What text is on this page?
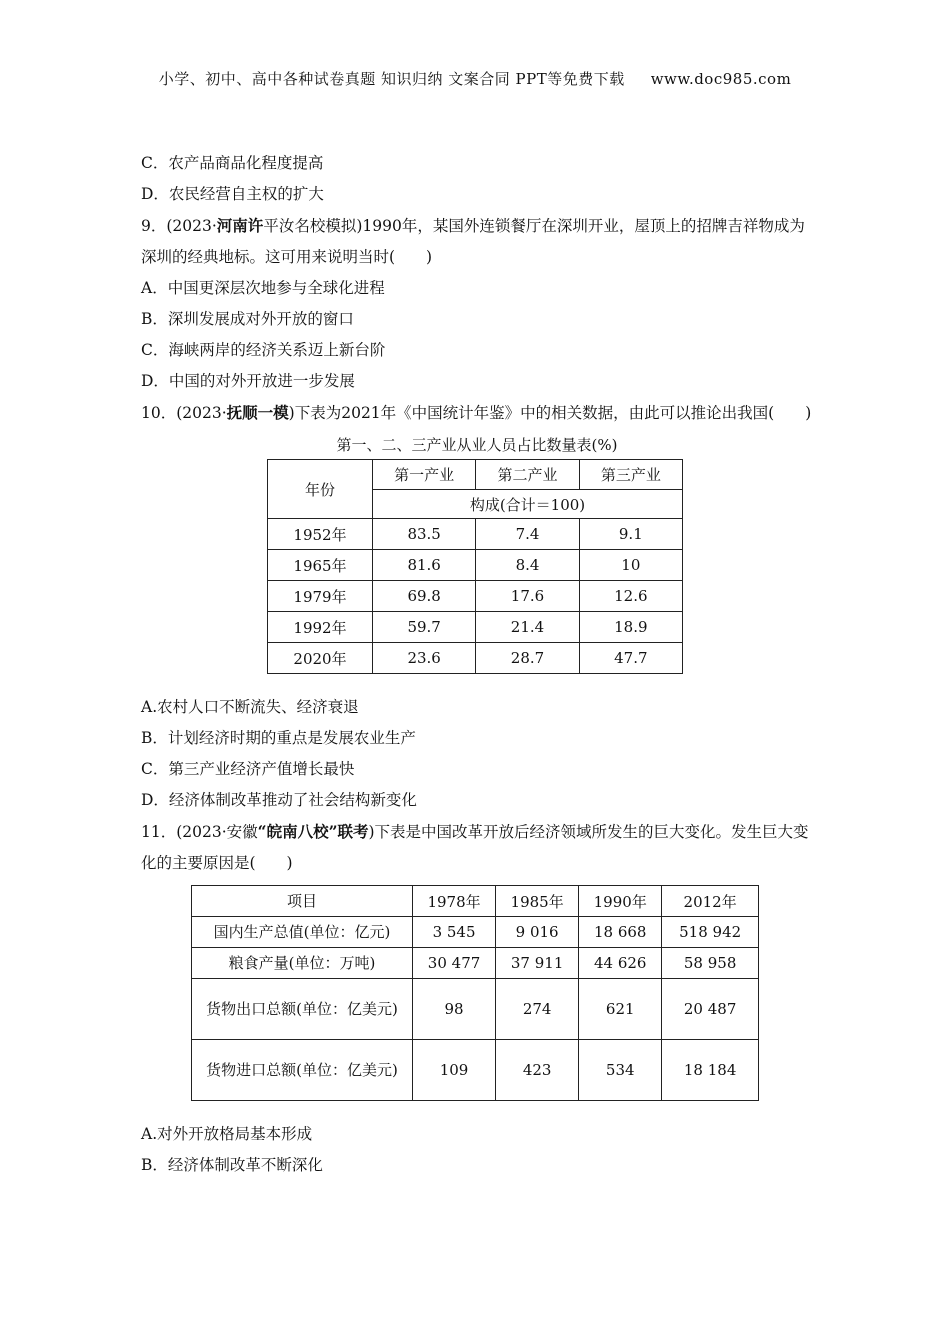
小学、初中、高中各种试卷真题 知识归纳 文案合同 PPT等免费下载 www.doc985.com
C．农产品商品化程度提高
D．农民经营自主权的扩大
9．(2023·河南许平汝名校模拟)1990年，某国外连锁餐厅在深圳开业，屋顶上的招牌吉祥物成为深圳的经典地标。这可用来说明当时(　　)
A．中国更深层次地参与全球化进程
B．深圳发展成对外开放的窗口
C．海峡两岸的经济关系迈上新台阶
D．中国的对外开放进一步发展
10．(2023·抚顺一模)下表为2021年《中国统计年鉴》中的相关数据，由此可以推论出我国(　　)
第一、二、三产业从业人员占比数量表(%)
年份	第一产业	第二产业	第三产业
	构成(合计＝100)		
1952年	83.5	7.4	9.1
1965年	81.6	8.4	10
1979年	69.8	17.6	12.6
1992年	59.7	21.4	18.9
2020年	23.6	28.7	47.7
A.农村人口不断流失、经济衰退
B．计划经济时期的重点是发展农业生产
C．第三产业经济产值增长最快
D．经济体制改革推动了社会结构新变化
11．(2023·安徽“皖南八校”联考)下表是中国改革开放后经济领域所发生的巨大变化。发生巨大变化的主要原因是(　　)
项目	1978年	1985年	1990年	2012年
国内生产总值(单位：亿元)	3 545	9 016	18 668	518 942
粮食产量(单位：万吨)	30 477	37 911	44 626	58 958
货物出口总额(单位：亿美元)	98	274	621	20 487
货物进口总额(单位：亿美元)	109	423	534	18 184
A.对外开放格局基本形成
B．经济体制改革不断深化
